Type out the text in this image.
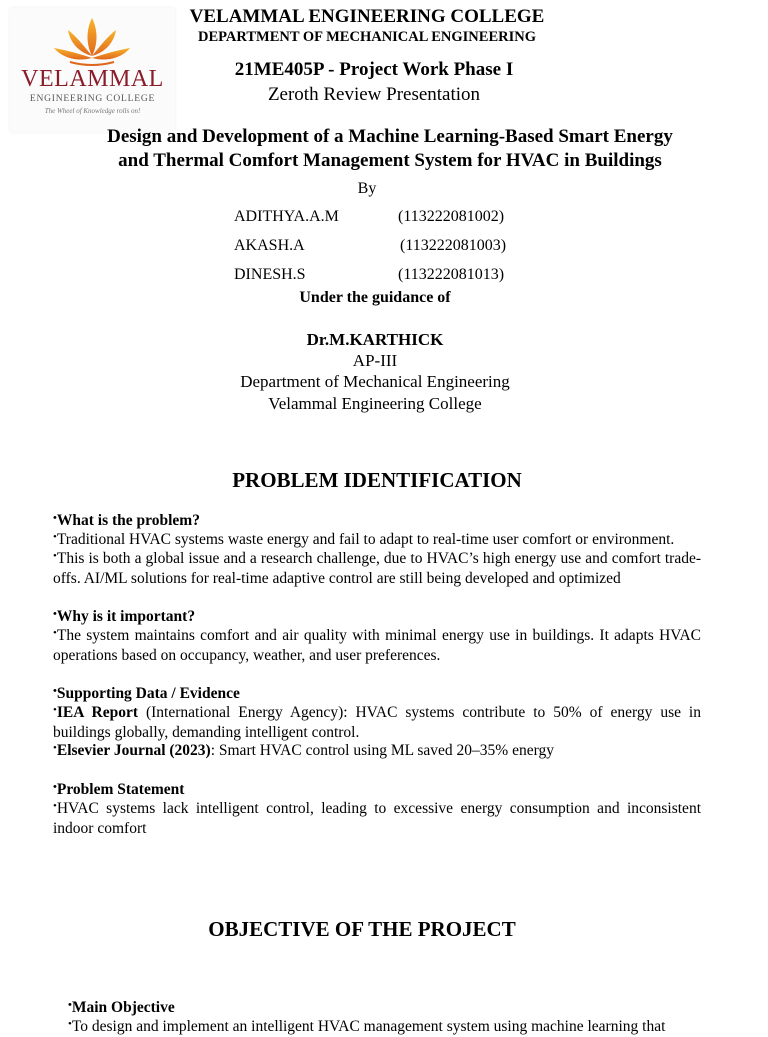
VELAMMAL
ENGINEERING COLLEGE
The Wheel of Knowledge rolls on!
VELAMMAL ENGINEERING COLLEGE
DEPARTMENT OF MECHANICAL ENGINEERING
21ME405P - Project Work Phase I
Zeroth Review Presentation
Design and Development of a Machine Learning-Based Smart Energy
and Thermal Comfort Management System for HVAC in Buildings
By
ADITHYA.A.M	(113222081002)
AKASH.A	(113222081003)
DINESH.S	(113222081013)
Under the guidance of
Dr.M.KARTHICK
AP-III
Department of Mechanical Engineering
Velammal Engineering College
PROBLEM IDENTIFICATION
•What is the problem?
•Traditional HVAC systems waste energy and fail to adapt to real-time user comfort or environment.
•This is both a global issue and a research challenge, due to HVAC’s high energy use and comfort trade-offs. AI/ML solutions for real-time adaptive control are still being developed and optimized
•Why is it important?
•The system maintains comfort and air quality with minimal energy use in buildings. It adapts HVAC operations based on occupancy, weather, and user preferences.
•Supporting Data / Evidence
•IEA Report (International Energy Agency): HVAC systems contribute to 50% of energy use in buildings globally, demanding intelligent control.
•Elsevier Journal (2023): Smart HVAC control using ML saved 20–35% energy
•Problem Statement
•HVAC systems lack intelligent control, leading to excessive energy consumption and inconsistent indoor comfort
OBJECTIVE OF THE PROJECT
•Main Objective
•To design and implement an intelligent HVAC management system using machine learning that
